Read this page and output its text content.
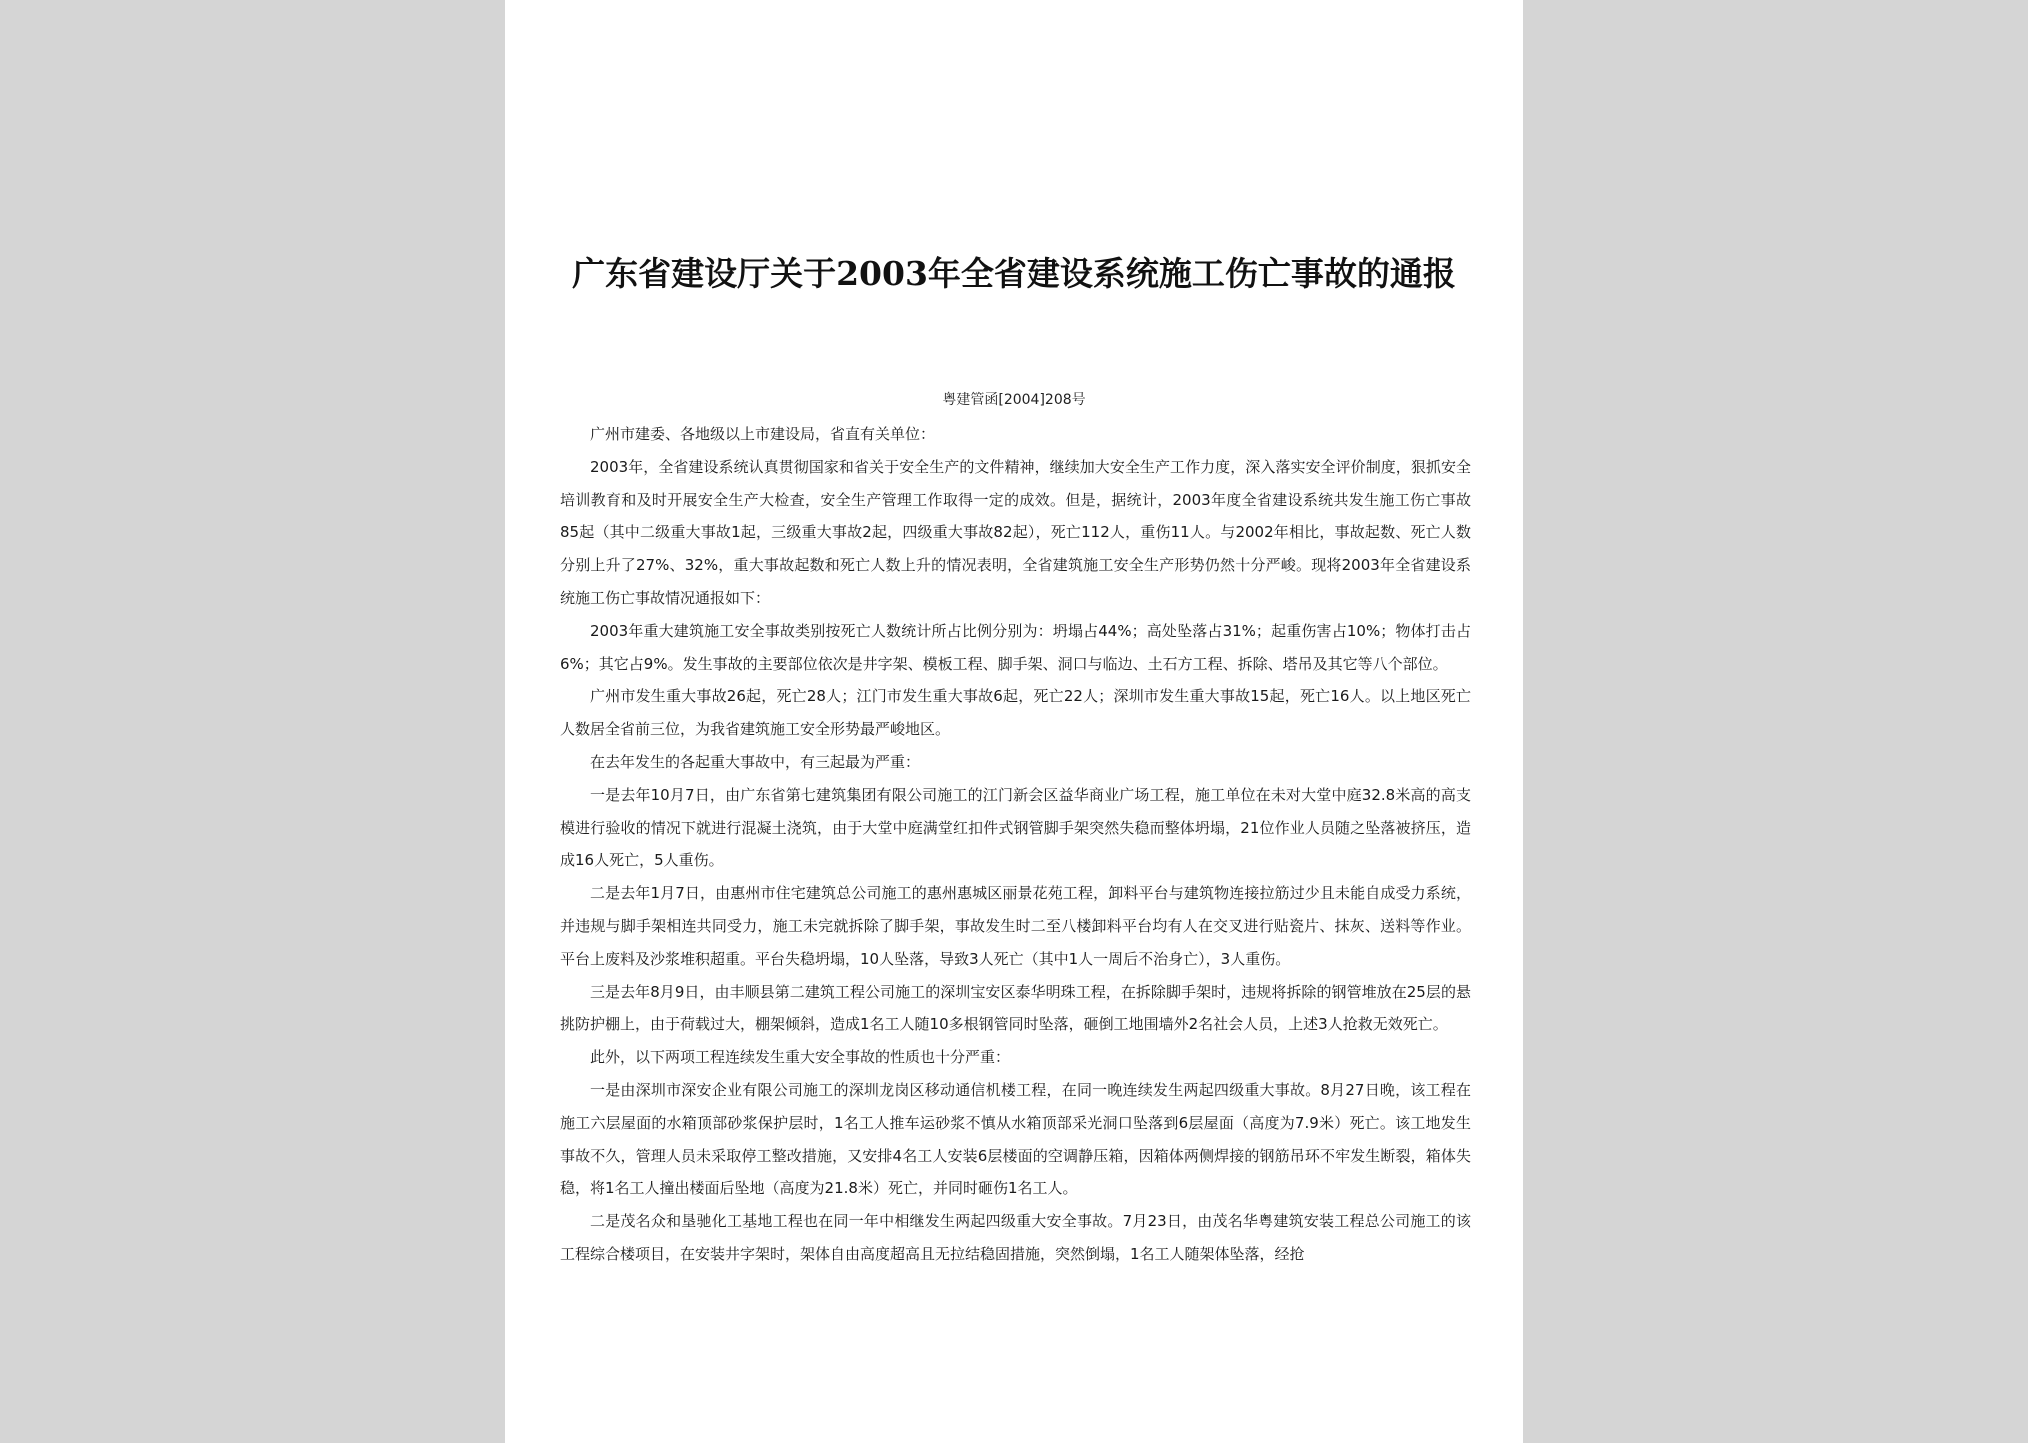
广东省建设厅关于2003年全省建设系统施工伤亡事故的通报
粤建管函[2004]208号

广州市建委、各地级以上市建设局，省直有关单位：

2003年，全省建设系统认真贯彻国家和省关于安全生产的文件精神，继续加大安全生产工作力度，深入落实安全评价制度，狠抓安全培训教育和及时开展安全生产大检查，安全生产管理工作取得一定的成效。但是，据统计，2003年度全省建设系统共发生施工伤亡事故85起（其中二级重大事故1起，三级重大事故2起，四级重大事故82起），死亡112人，重伤11人。与2002年相比，事故起数、死亡人数分别上升了27%、32%，重大事故起数和死亡人数上升的情况表明，全省建筑施工安全生产形势仍然十分严峻。现将2003年全省建设系统施工伤亡事故情况通报如下：

2003年重大建筑施工安全事故类别按死亡人数统计所占比例分别为：坍塌占44%；高处坠落占31%；起重伤害占10%；物体打击占6%；其它占9%。发生事故的主要部位依次是井字架、模板工程、脚手架、洞口与临边、土石方工程、拆除、塔吊及其它等八个部位。

广州市发生重大事故26起，死亡28人；江门市发生重大事故6起，死亡22人；深圳市发生重大事故15起，死亡16人。以上地区死亡人数居全省前三位，为我省建筑施工安全形势最严峻地区。

在去年发生的各起重大事故中，有三起最为严重：

一是去年10月7日，由广东省第七建筑集团有限公司施工的江门新会区益华商业广场工程，施工单位在未对大堂中庭32.8米高的高支模进行验收的情况下就进行混凝土浇筑，由于大堂中庭满堂红扣件式钢管脚手架突然失稳而整体坍塌，21位作业人员随之坠落被挤压，造成16人死亡，5人重伤。

二是去年1月7日，由惠州市住宅建筑总公司施工的惠州惠城区丽景花苑工程，卸料平台与建筑物连接拉筋过少且未能自成受力系统，并违规与脚手架相连共同受力，施工未完就拆除了脚手架，事故发生时二至八楼卸料平台均有人在交叉进行贴瓷片、抹灰、送料等作业。平台上废料及沙浆堆积超重。平台失稳坍塌，10人坠落，导致3人死亡（其中1人一周后不治身亡），3人重伤。

三是去年8月9日，由丰顺县第二建筑工程公司施工的深圳宝安区泰华明珠工程，在拆除脚手架时，违规将拆除的钢管堆放在25层的悬挑防护棚上，由于荷载过大，棚架倾斜，造成1名工人随10多根钢管同时坠落，砸倒工地围墙外2名社会人员，上述3人抢救无效死亡。

此外，以下两项工程连续发生重大安全事故的性质也十分严重：

一是由深圳市深安企业有限公司施工的深圳龙岗区移动通信机楼工程，在同一晚连续发生两起四级重大事故。8月27日晚，该工程在施工六层屋面的水箱顶部砂浆保护层时，1名工人推车运砂浆不慎从水箱顶部采光洞口坠落到6层屋面（高度为7.9米）死亡。该工地发生事故不久，管理人员未采取停工整改措施，又安排4名工人安装6层楼面的空调静压箱，因箱体两侧焊接的钢筋吊环不牢发生断裂，箱体失稳，将1名工人撞出楼面后坠地（高度为21.8米）死亡，并同时砸伤1名工人。

二是茂名众和垦驰化工基地工程也在同一年中相继发生两起四级重大安全事故。7月23日，由茂名华粤建筑安装工程总公司施工的该工程综合楼项目，在安装井字架时，架体自由高度超高且无拉结稳固措施，突然倒塌，1名工人随架体坠落，经抢
